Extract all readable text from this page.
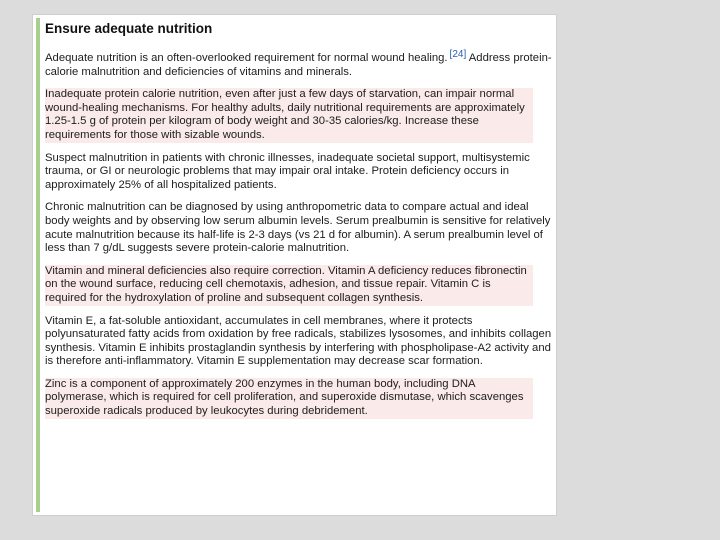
Ensure adequate nutrition

Adequate nutrition is an often-overlooked requirement for normal wound healing. [24] Address protein-calorie malnutrition and deficiencies of vitamins and minerals.

Inadequate protein calorie nutrition, even after just a few days of starvation, can impair normal wound-healing mechanisms. For healthy adults, daily nutritional requirements are approximately 1.25-1.5 g of protein per kilogram of body weight and 30-35 calories/kg. Increase these requirements for those with sizable wounds.

Suspect malnutrition in patients with chronic illnesses, inadequate societal support, multisystemic trauma, or GI or neurologic problems that may impair oral intake. Protein deficiency occurs in approximately 25% of all hospitalized patients.

Chronic malnutrition can be diagnosed by using anthropometric data to compare actual and ideal body weights and by observing low serum albumin levels. Serum prealbumin is sensitive for relatively acute malnutrition because its half-life is 2-3 days (vs 21 d for albumin). A serum prealbumin level of less than 7 g/dL suggests severe protein-calorie malnutrition.

Vitamin and mineral deficiencies also require correction. Vitamin A deficiency reduces fibronectin on the wound surface, reducing cell chemotaxis, adhesion, and tissue repair. Vitamin C is required for the hydroxylation of proline and subsequent collagen synthesis.

Vitamin E, a fat-soluble antioxidant, accumulates in cell membranes, where it protects polyunsaturated fatty acids from oxidation by free radicals, stabilizes lysosomes, and inhibits collagen synthesis. Vitamin E inhibits prostaglandin synthesis by interfering with phospholipase-A2 activity and is therefore anti-inflammatory. Vitamin E supplementation may decrease scar formation.

Zinc is a component of approximately 200 enzymes in the human body, including DNA polymerase, which is required for cell proliferation, and superoxide dismutase, which scavenges superoxide radicals produced by leukocytes during debridement.
